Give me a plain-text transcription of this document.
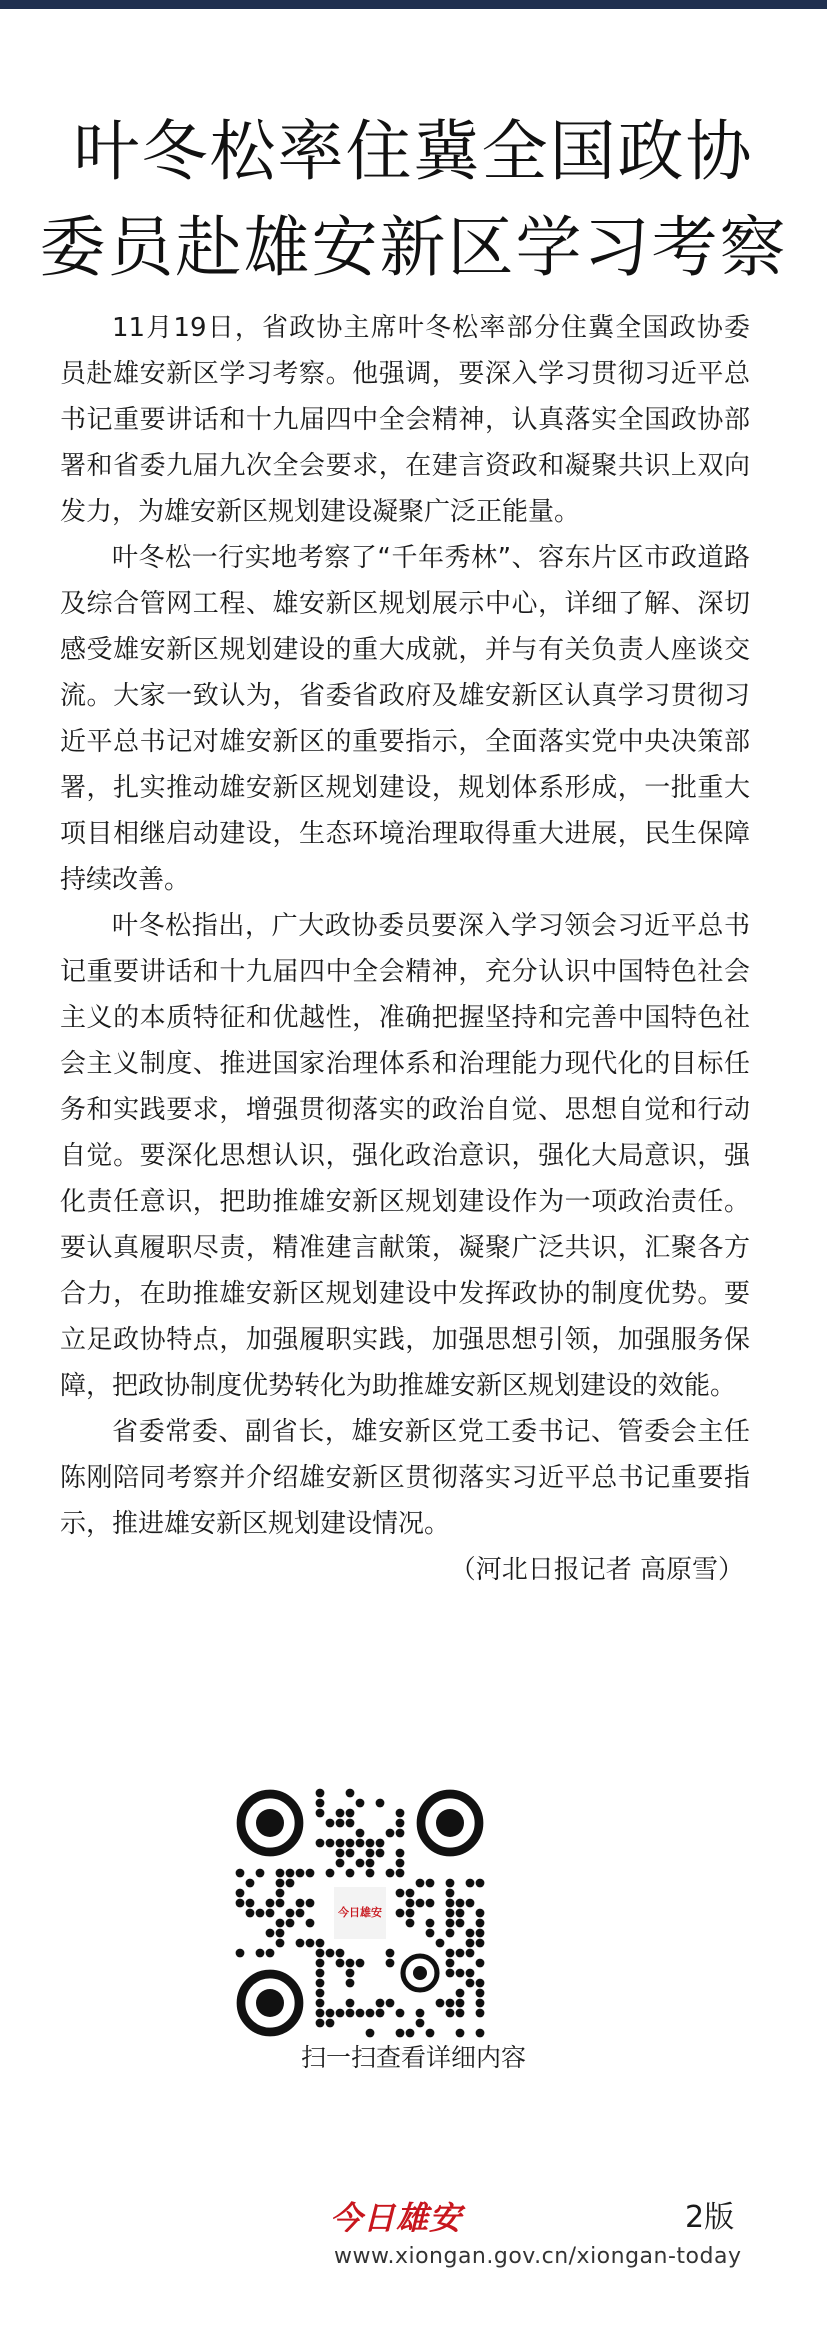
叶冬松率住冀全国政协
委员赴雄安新区学习考察

11月19日，省政协主席叶冬松率部分住冀全国政协委员赴雄安新区学习考察。他强调，要深入学习贯彻习近平总书记重要讲话和十九届四中全会精神，认真落实全国政协部署和省委九届九次全会要求，在建言资政和凝聚共识上双向发力，为雄安新区规划建设凝聚广泛正能量。

叶冬松一行实地考察了“千年秀林”、容东片区市政道路及综合管网工程、雄安新区规划展示中心，详细了解、深切感受雄安新区规划建设的重大成就，并与有关负责人座谈交流。大家一致认为，省委省政府及雄安新区认真学习贯彻习近平总书记对雄安新区的重要指示，全面落实党中央决策部署，扎实推动雄安新区规划建设，规划体系形成，一批重大项目相继启动建设，生态环境治理取得重大进展，民生保障持续改善。

叶冬松指出，广大政协委员要深入学习领会习近平总书记重要讲话和十九届四中全会精神，充分认识中国特色社会主义的本质特征和优越性，准确把握坚持和完善中国特色社会主义制度、推进国家治理体系和治理能力现代化的目标任务和实践要求，增强贯彻落实的政治自觉、思想自觉和行动自觉。要深化思想认识，强化政治意识，强化大局意识，强化责任意识，把助推雄安新区规划建设作为一项政治责任。要认真履职尽责，精准建言献策，凝聚广泛共识，汇聚各方合力，在助推雄安新区规划建设中发挥政协的制度优势。要立足政协特点，加强履职实践，加强思想引领，加强服务保障，把政协制度优势转化为助推雄安新区规划建设的效能。

省委常委、副省长，雄安新区党工委书记、管委会主任陈刚陪同考察并介绍雄安新区贯彻落实习近平总书记重要指示，推进雄安新区规划建设情况。

（河北日报记者 高原雪）

今日雄安
扫一扫查看详细内容
今日雄安	2版
www.xiongan.gov.cn/xiongan-today
